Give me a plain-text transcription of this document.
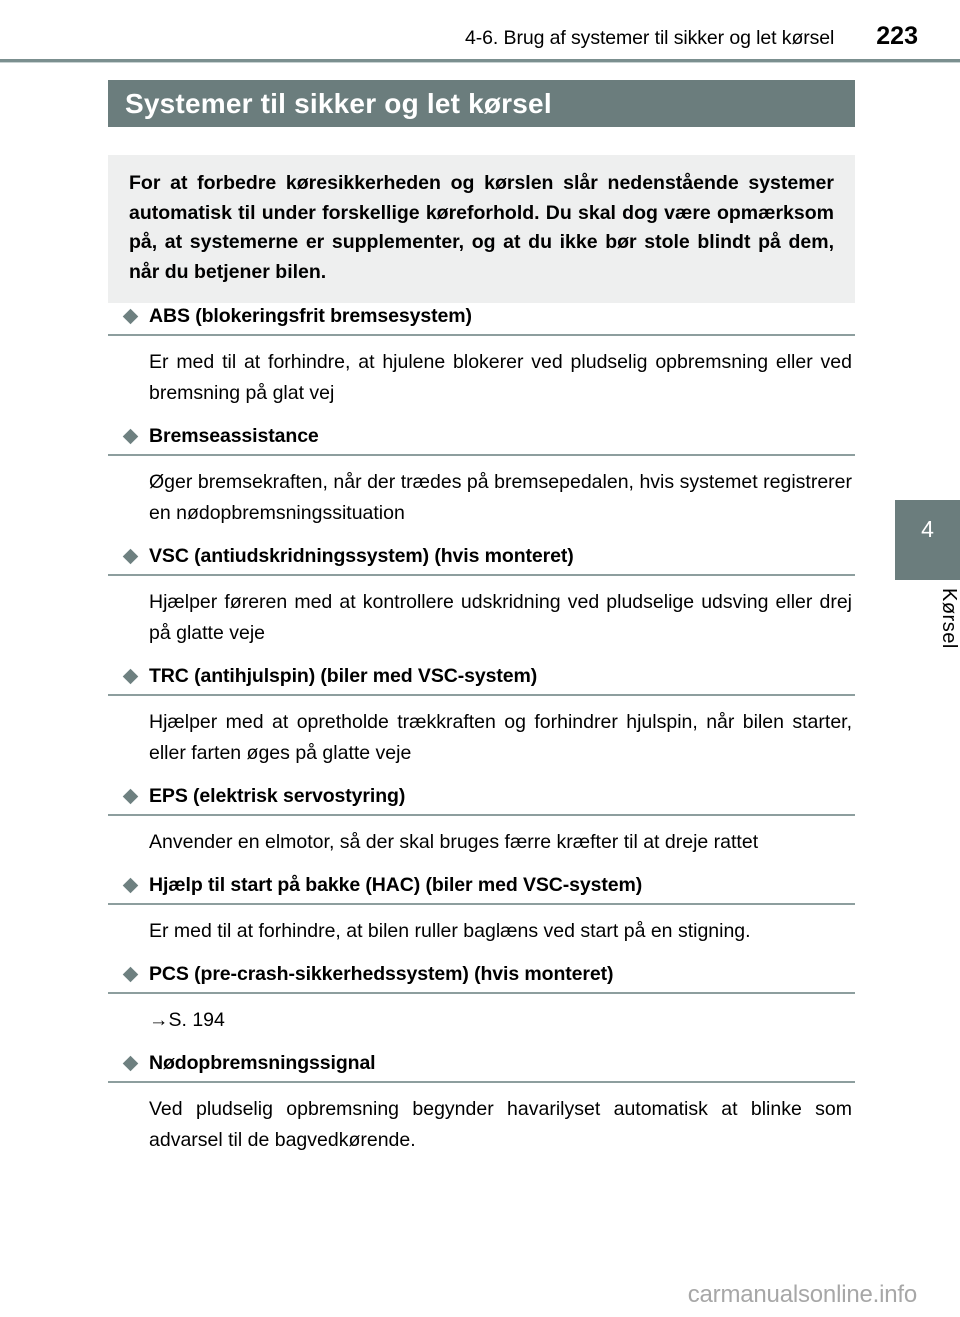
4-6. Brug af systemer til sikker og let kørsel 223
Systemer til sikker og let kørsel

For at forbedre køresikkerheden og kørslen slår nedenstående systemer automatisk til under forskellige køreforhold. Du skal dog være opmærksom på, at systemerne er supplementer, og at du ikke bør stole blindt på dem, når du betjener bilen.

ABS (blokeringsfrit bremsesystem)

Er med til at forhindre, at hjulene blokerer ved pludselig opbremsning eller ved bremsning på glat vej

Bremseassistance

Øger bremsekraften, når der trædes på bremsepedalen, hvis systemet registrerer en nødopbremsningssituation

VSC (antiudskridningssystem) (hvis monteret)

Hjælper føreren med at kontrollere udskridning ved pludselige udsving eller drej på glatte veje

TRC (antihjulspin) (biler med VSC-system)

Hjælper med at opretholde trækkraften og forhindrer hjulspin, når bilen starter, eller farten øges på glatte veje

EPS (elektrisk servostyring)

Anvender en elmotor, så der skal bruges færre kræfter til at dreje rattet

Hjælp til start på bakke (HAC) (biler med VSC-system)

Er med til at forhindre, at bilen ruller baglæns ved start på en stigning.

PCS (pre-crash-sikkerhedssystem) (hvis monteret)

→S. 194

Nødopbremsningssignal

Ved pludselig opbremsning begynder havarilyset automatisk at blinke som advarsel til de bagvedkørende.

4
Kørsel
carmanualsonline.info
